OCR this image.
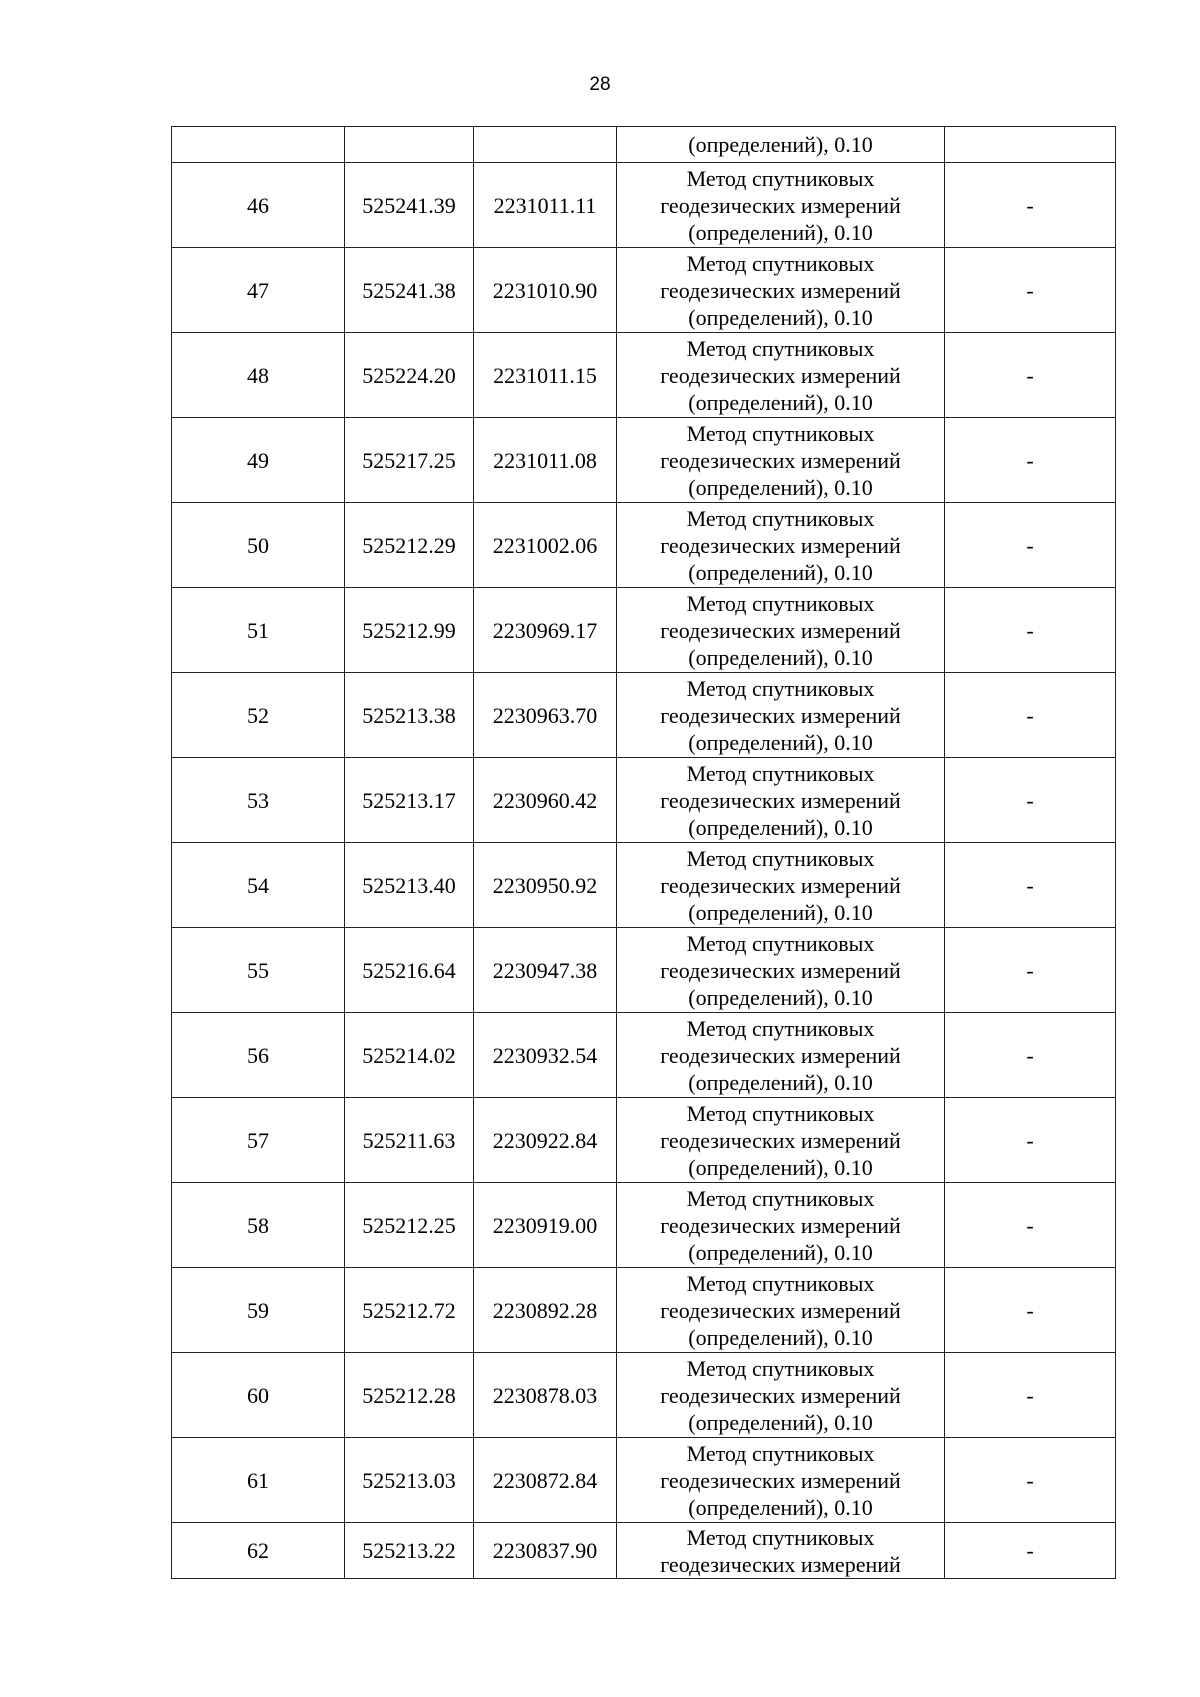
28
			(определений), 0.10	
46	525241.39	2231011.11	Метод спутниковых геодезических измерений (определений), 0.10	-
47	525241.38	2231010.90	Метод спутниковых геодезических измерений (определений), 0.10	-
48	525224.20	2231011.15	Метод спутниковых геодезических измерений (определений), 0.10	-
49	525217.25	2231011.08	Метод спутниковых геодезических измерений (определений), 0.10	-
50	525212.29	2231002.06	Метод спутниковых геодезических измерений (определений), 0.10	-
51	525212.99	2230969.17	Метод спутниковых геодезических измерений (определений), 0.10	-
52	525213.38	2230963.70	Метод спутниковых геодезических измерений (определений), 0.10	-
53	525213.17	2230960.42	Метод спутниковых геодезических измерений (определений), 0.10	-
54	525213.40	2230950.92	Метод спутниковых геодезических измерений (определений), 0.10	-
55	525216.64	2230947.38	Метод спутниковых геодезических измерений (определений), 0.10	-
56	525214.02	2230932.54	Метод спутниковых геодезических измерений (определений), 0.10	-
57	525211.63	2230922.84	Метод спутниковых геодезических измерений (определений), 0.10	-
58	525212.25	2230919.00	Метод спутниковых геодезических измерений (определений), 0.10	-
59	525212.72	2230892.28	Метод спутниковых геодезических измерений (определений), 0.10	-
60	525212.28	2230878.03	Метод спутниковых геодезических измерений (определений), 0.10	-
61	525213.03	2230872.84	Метод спутниковых геодезических измерений (определений), 0.10	-
62	525213.22	2230837.90	Метод спутниковых геодезических измерений	-
